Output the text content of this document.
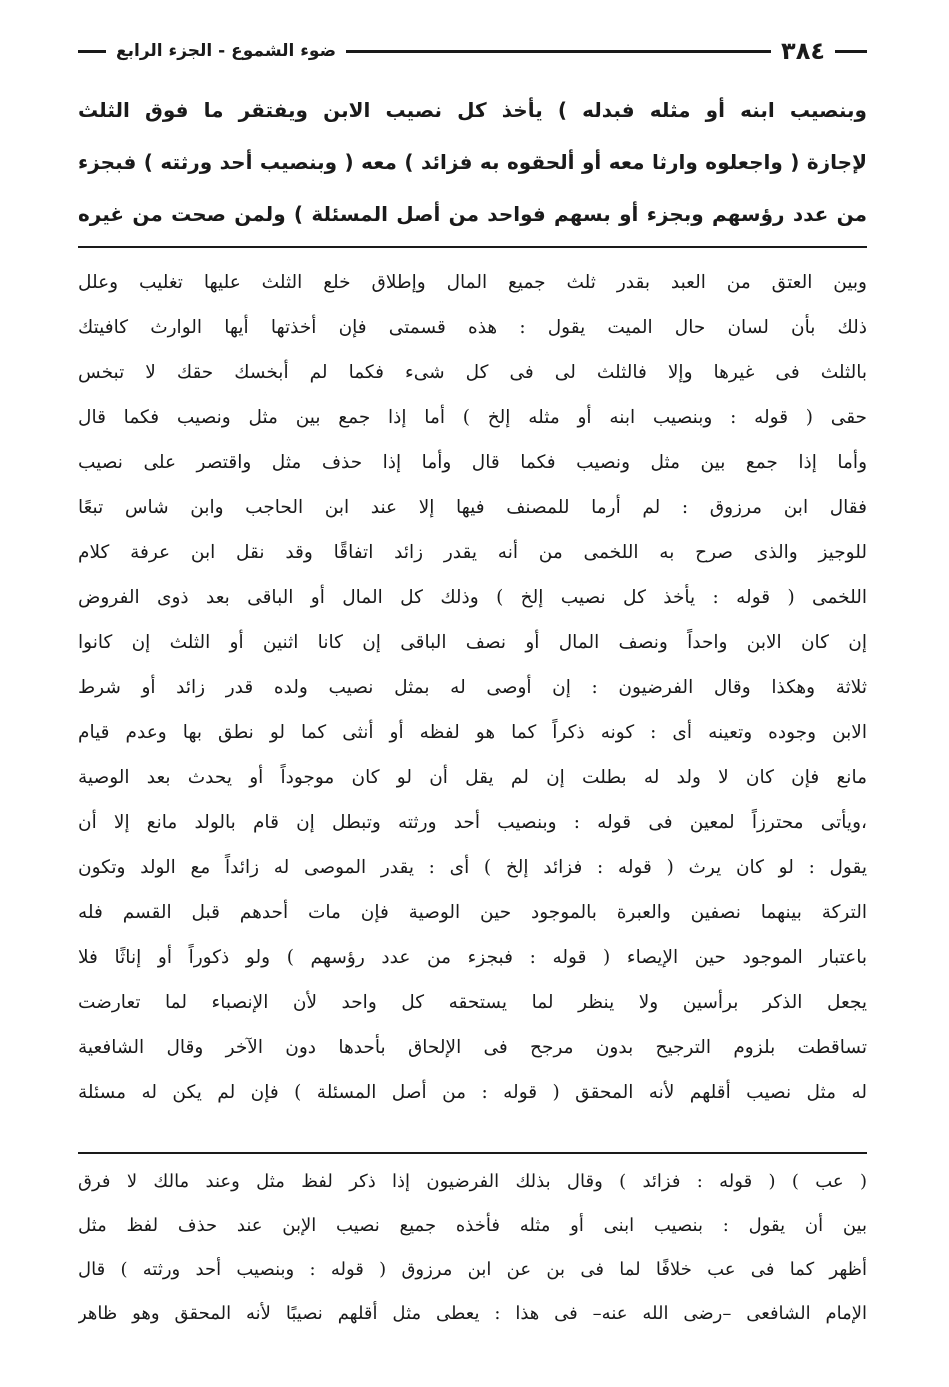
٣٨٤
ضوء الشموع - الجزء الرابع
وبنصيب ابنه أو مثله فبدله ) يأخذ كل نصيب الابن ويفتقر ما فوق الثلث
لإجازة ( واجعلوه وارثا معه أو ألحقوه به فزائد ) معه ( وبنصيب أحد ورثته ) فبجزء
من عدد رؤسهم وبجزء أو بسهم فواحد من أصل المسئلة ) ولمن صحت من غيره
وبين العتق من العبد بقدر ثلث جميع المال وإطلاق خلع الثلث عليها تغليب وعلل
ذلك بأن لسان حال الميت يقول : هذه قسمتى فإن أخذتها أيها الوارث كافيتك
بالثلث فى غيرها وإلا فالثلث لى فى كل شىء فكما لم أبخسك حقك لا تبخس
حقى ( قوله : وبنصيب ابنه أو مثله إلخ ) أما إذا جمع بين مثل ونصيب فكما قال
وأما إذا جمع بين مثل ونصيب فكما قال وأما إذا حذف مثل واقتصر على نصيب
فقال ابن مرزوق : لم أرما للمصنف فيها إلا عند ابن الحاجب وابن شاس تبعًا
للوجيز والذى صرح به اللخمى من أنه يقدر زائد اتفاقًا وقد نقل ابن عرفة كلام
اللخمى ( قوله : يأخذ كل نصيب إلخ ) وذلك كل المال أو الباقى بعد ذوى الفروض
إن كان الابن واحداً ونصف المال أو نصف الباقى إن كانا اثنين أو الثلث إن كانوا
ثلاثة وهكذا وقال الفرضيون : إن أوصى له بمثل نصيب ولده قدر زائد أو شرط
الابن وجوده وتعينه أى : كونه ذكراً كما هو لفظه أو أنثى كما لو نطق بها وعدم قيام
مانع فإن كان لا ولد له بطلت إن لم يقل أن لو كان موجوداً أو يحدث بعد الوصية
،ويأتى محترزاً لمعين فى قوله : وبنصيب أحد ورثته وتبطل إن قام بالولد مانع إلا أن
يقول : لو كان يرث ( قوله : فزائد إلخ ) أى : يقدر الموصى له زائداً مع الولد وتكون
التركة بينهما نصفين والعبرة بالموجود حين الوصية فإن مات أحدهم قبل القسم فله
باعتبار الموجود حين الإيصاء ( قوله : فبجزء من عدد رؤسهم ) ولو ذكوراً أو إناثًا فلا
يجعل الذكر برأسين ولا ينظر لما يستحقه كل واحد لأن الإنصباء لما تعارضت
تساقطت بلزوم الترجيح بدون مرجح فى الإلحاق بأحدها دون الآخر وقال الشافعية
له مثل نصيب أقلهم لأنه المحقق ( قوله : من أصل المسئلة ) فإن لم يكن له مسئلة
( عب ) ( قوله : فزائد ) وقال بذلك الفرضيون إذا ذكر لفظ مثل وعند مالك لا فرق
بين أن يقول : بنصيب ابنى أو مثله فأخذه جميع نصيب الإبن عند حذف لفظ مثل
أظهر كما فى عب خلافًا لما فى بن عن ابن مرزوق ( قوله : وبنصيب أحد ورثته ) قال
الإمام الشافعى –رضى الله عنه– فى هذا : يعطى مثل أقلهم نصيبًا لأنه المحقق وهو ظاهر
